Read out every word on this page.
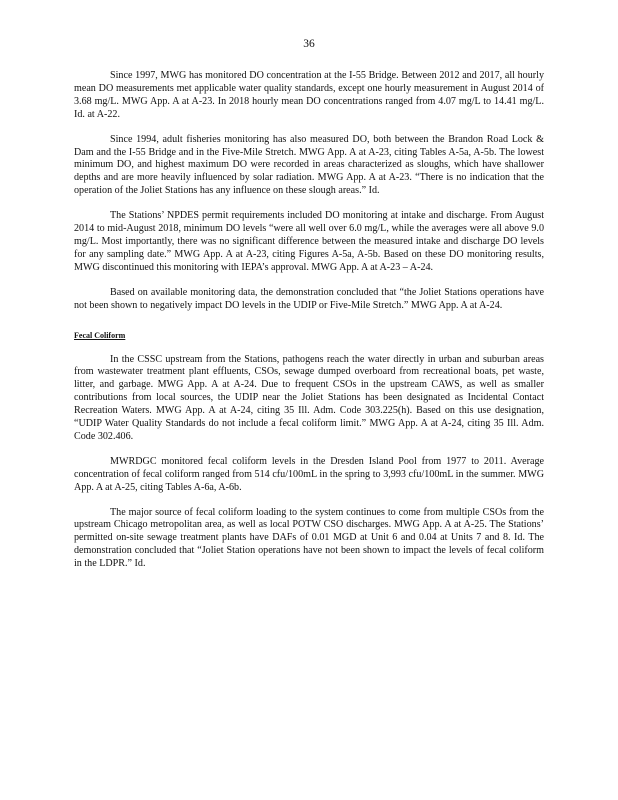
36

Since 1997, MWG has monitored DO concentration at the I-55 Bridge. Between 2012 and 2017, all hourly mean DO measurements met applicable water quality standards, except one hourly measurement in August 2014 of 3.68 mg/L. MWG App. A at A-23. In 2018 hourly mean DO concentrations ranged from 4.07 mg/L to 14.41 mg/L. Id. at A-22.

Since 1994, adult fisheries monitoring has also measured DO, both between the Brandon Road Lock & Dam and the I-55 Bridge and in the Five-Mile Stretch. MWG App. A at A-23, citing Tables A-5a, A-5b. The lowest minimum DO, and highest maximum DO were recorded in areas characterized as sloughs, which have shallower depths and are more heavily influenced by solar radiation. MWG App. A at A-23. “There is no indication that the operation of the Joliet Stations has any influence on these slough areas.” Id.

The Stations’ NPDES permit requirements included DO monitoring at intake and discharge. From August 2014 to mid-August 2018, minimum DO levels “were all well over 6.0 mg/L, while the averages were all above 9.0 mg/L. Most importantly, there was no significant difference between the measured intake and discharge DO levels for any sampling date.” MWG App. A at A-23, citing Figures A-5a, A-5b. Based on these DO monitoring results, MWG discontinued this monitoring with IEPA’s approval. MWG App. A at A-23 – A-24.

Based on available monitoring data, the demonstration concluded that “the Joliet Stations operations have not been shown to negatively impact DO levels in the UDIP or Five-Mile Stretch.” MWG App. A at A-24.

Fecal Coliform

In the CSSC upstream from the Stations, pathogens reach the water directly in urban and suburban areas from wastewater treatment plant effluents, CSOs, sewage dumped overboard from recreational boats, pet waste, litter, and garbage. MWG App. A at A-24. Due to frequent CSOs in the upstream CAWS, as well as smaller contributions from local sources, the UDIP near the Joliet Stations has been designated as Incidental Contact Recreation Waters. MWG App. A at A-24, citing 35 Ill. Adm. Code 303.225(h). Based on this use designation, “UDIP Water Quality Standards do not include a fecal coliform limit.” MWG App. A at A-24, citing 35 Ill. Adm. Code 302.406.

MWRDGC monitored fecal coliform levels in the Dresden Island Pool from 1977 to 2011. Average concentration of fecal coliform ranged from 514 cfu/100mL in the spring to 3,993 cfu/100mL in the summer. MWG App. A at A-25, citing Tables A-6a, A-6b.

The major source of fecal coliform loading to the system continues to come from multiple CSOs from the upstream Chicago metropolitan area, as well as local POTW CSO discharges. MWG App. A at A-25. The Stations’ permitted on-site sewage treatment plants have DAFs of 0.01 MGD at Unit 6 and 0.04 at Units 7 and 8. Id. The demonstration concluded that “Joliet Station operations have not been shown to impact the levels of fecal coliform in the LDPR.” Id.
